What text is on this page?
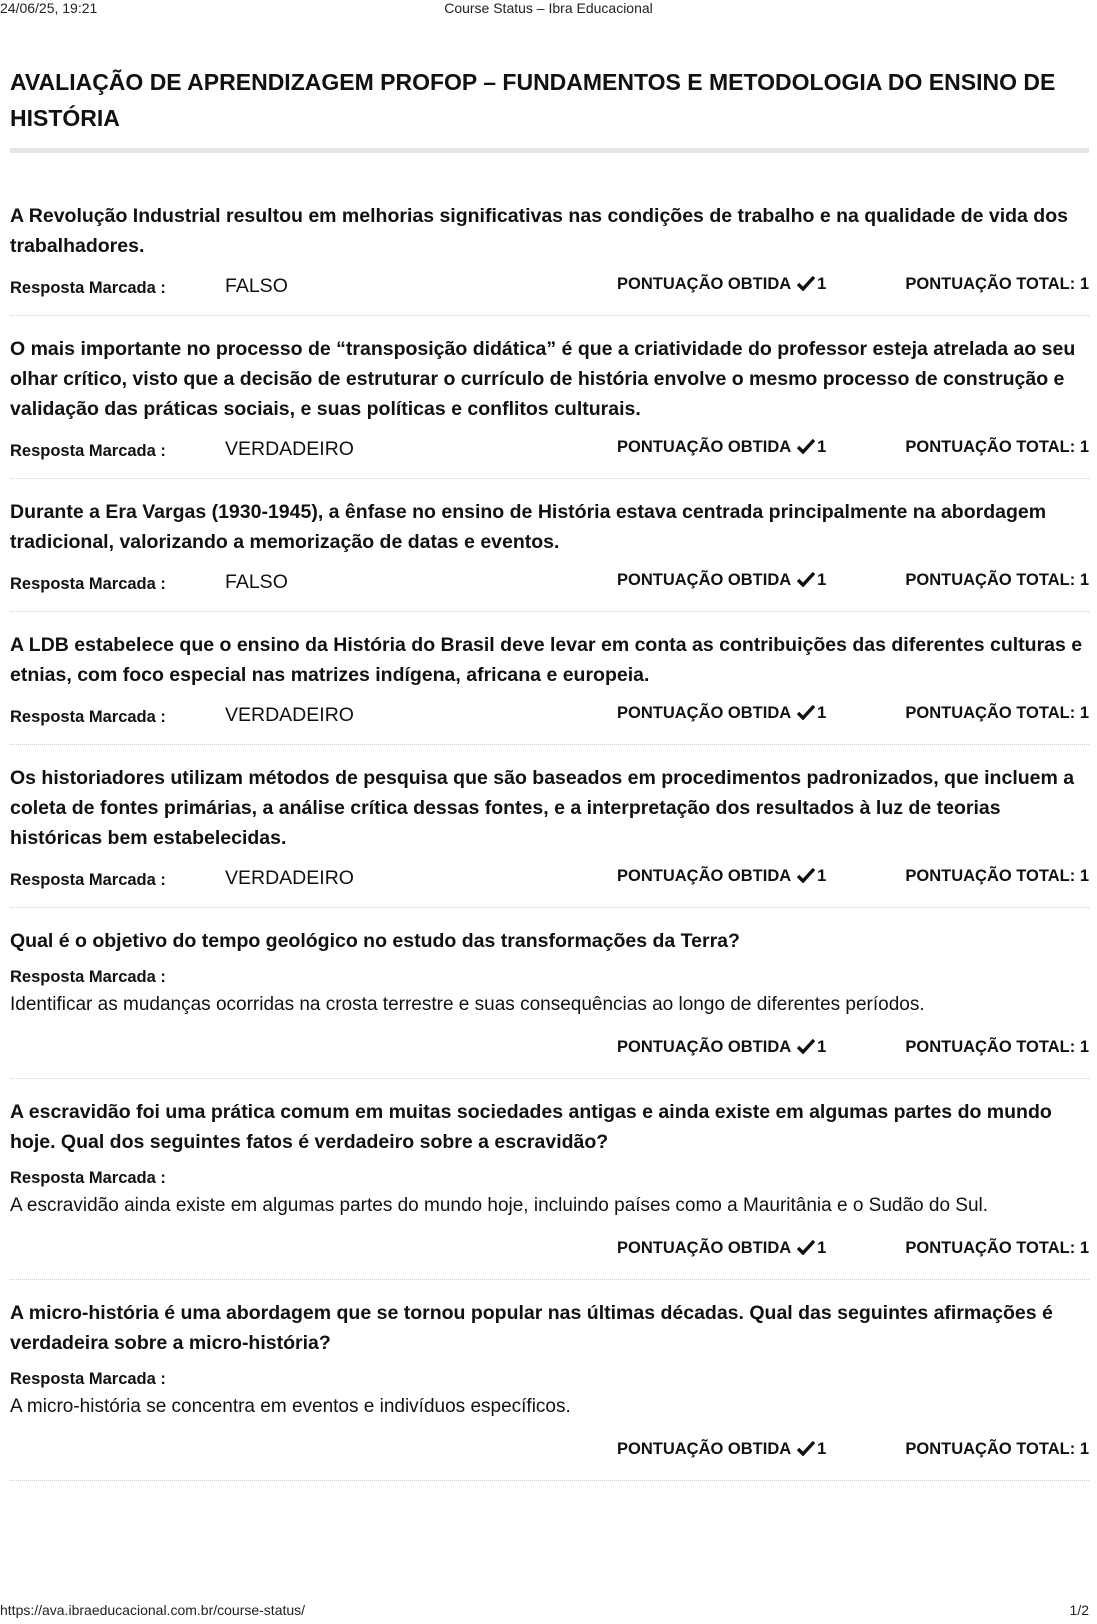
24/06/25, 19:21	Course Status – Ibra Educacional
AVALIAÇÃO DE APRENDIZAGEM PROFOP – FUNDAMENTOS E METODOLOGIA DO ENSINO DE HISTÓRIA

A Revolução Industrial resultou em melhorias significativas nas condições de trabalho e na qualidade de vida dos trabalhadores.

Resposta Marcada :	FALSO	PONTUAÇÃO OBTIDA 1	PONTUAÇÃO TOTAL: 1

O mais importante no processo de “transposição didática” é que a criatividade do professor esteja atrelada ao seu olhar crítico, visto que a decisão de estruturar o currículo de história envolve o mesmo processo de construção e validação das práticas sociais, e suas políticas e conflitos culturais.

Resposta Marcada :	VERDADEIRO	PONTUAÇÃO OBTIDA 1	PONTUAÇÃO TOTAL: 1

Durante a Era Vargas (1930-1945), a ênfase no ensino de História estava centrada principalmente na abordagem tradicional, valorizando a memorização de datas e eventos.

Resposta Marcada :	FALSO	PONTUAÇÃO OBTIDA 1	PONTUAÇÃO TOTAL: 1

A LDB estabelece que o ensino da História do Brasil deve levar em conta as contribuições das diferentes culturas e etnias, com foco especial nas matrizes indígena, africana e europeia.

Resposta Marcada :	VERDADEIRO	PONTUAÇÃO OBTIDA 1	PONTUAÇÃO TOTAL: 1

Os historiadores utilizam métodos de pesquisa que são baseados em procedimentos padronizados, que incluem a coleta de fontes primárias, a análise crítica dessas fontes, e a interpretação dos resultados à luz de teorias históricas bem estabelecidas.

Resposta Marcada :	VERDADEIRO	PONTUAÇÃO OBTIDA 1	PONTUAÇÃO TOTAL: 1

Qual é o objetivo do tempo geológico no estudo das transformações da Terra?

Resposta Marcada :
Identificar as mudanças ocorridas na crosta terrestre e suas consequências ao longo de diferentes períodos.
PONTUAÇÃO OBTIDA 1	PONTUAÇÃO TOTAL: 1

A escravidão foi uma prática comum em muitas sociedades antigas e ainda existe em algumas partes do mundo hoje. Qual dos seguintes fatos é verdadeiro sobre a escravidão?

Resposta Marcada :
A escravidão ainda existe em algumas partes do mundo hoje, incluindo países como a Mauritânia e o Sudão do Sul.
PONTUAÇÃO OBTIDA 1	PONTUAÇÃO TOTAL: 1

A micro-história é uma abordagem que se tornou popular nas últimas décadas. Qual das seguintes afirmações é verdadeira sobre a micro-história?

Resposta Marcada :
A micro-história se concentra em eventos e indivíduos específicos.
PONTUAÇÃO OBTIDA 1	PONTUAÇÃO TOTAL: 1
https://ava.ibraeducacional.com.br/course-status/	1/2
